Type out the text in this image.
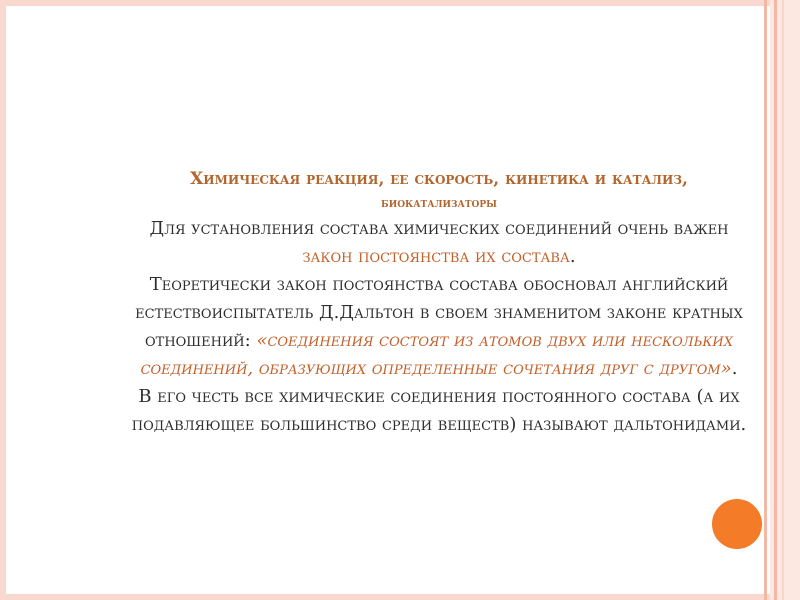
Химическая реакция, ее скорость, кинетика и катализ,
биокатализаторы

Для установления состава химических соединений очень важен
закон постоянства их состава.

Теоретически закон постоянства состава обосновал английский естествоиспытатель Д.Дальтон в своем знаменитом законе кратных отношений: «соединения состоят из атомов двух или нескольких соединений, образующих определенные сочетания друг с другом».

В его честь все химические соединения постоянного состава (а их подавляющее большинство среди веществ) называют дальтонидами.
